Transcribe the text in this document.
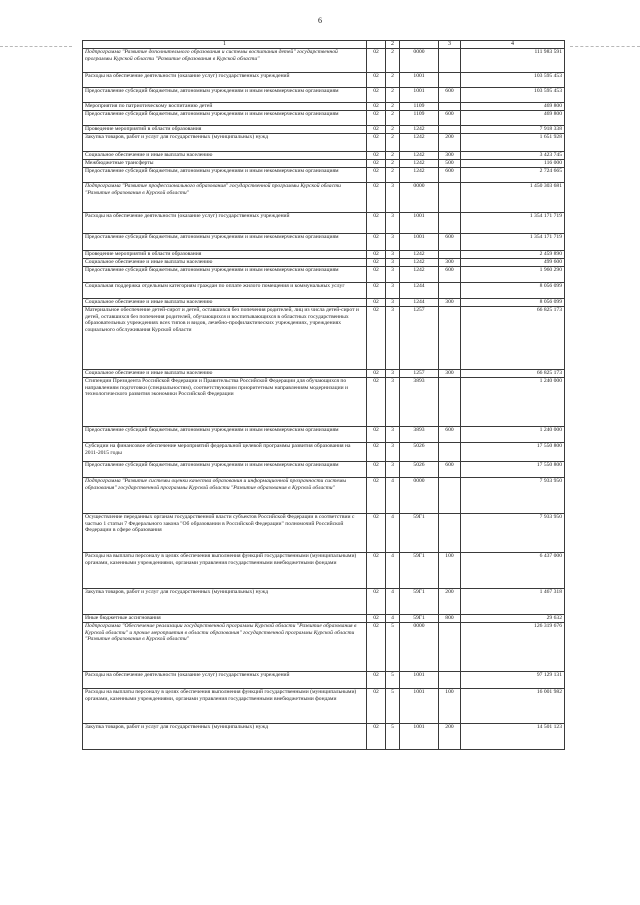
6
1		2		3	4
Подпрограмма "Развитие дополнительного образования и системы воспитания детей" государственной программы Курской области "Развитие образования в Курской области"	02	2	0000		111 983 591
Расходы на обеспечение деятельности (оказание услуг) государственных учреждений	02	2	1001		103 595 453
Предоставление субсидий бюджетным, автономным учреждениям и иным некоммерческим организациям	02	2	1001	600	103 595 453
Мероприятия по патриотическому воспитанию детей	02	2	1109		469 800
Предоставление субсидий бюджетным, автономным учреждениям и иным некоммерческим организациям	02	2	1109	600	469 800
Проведение мероприятий в области образования	02	2	1242		7 918 338
Закупка товаров, работ и услуг для государственных (муниципальных) нужд	02	2	1242	200	1 651 928
Социальное обеспечение и иные выплаты населению	02	2	1242	300	3 423 745
Межбюджетные трансферты	02	2	1242	500	116 000
Предоставление субсидий бюджетным, автономным учреждениям и иным некоммерческим организациям	02	2	1242	600	2 724 665
Подпрограмма "Развитие профессионального образования" государственной программы Курской области "Развитие образования в Курской области"	02	3	0000		1 450 303 681
Расходы на обеспечение деятельности (оказание услуг) государственных учреждений	02	3	1001		1 354 171 719
Предоставление субсидий бюджетным, автономным учреждениям и иным некоммерческим организациям	02	3	1001	600	1 354 171 719
Проведение мероприятий в области образования	02	3	1242		2 459 890
Социальное обеспечение и иные выплаты населению	02	3	1242	300	499 600
Предоставление субсидий бюджетным, автономным учреждениям и иным некоммерческим организациям	02	3	1242	600	1 960 290
Социальная поддержка отдельным категориям граждан по оплате жилого помещения и коммунальных услуг	02	3	1244		8 056 099
Социальное обеспечение и иные выплаты населению	02	3	1244	300	8 056 099
Материальное обеспечение детей-сирот и детей, оставшихся без попечения родителей, лиц из числа детей-сирот и детей, оставшихся без попечения родителей, обучающихся и воспитывающихся в областных государственных образовательных учреждениях всех типов и видов, лечебно-профилактических учреждениях, учреждениях социального обслуживания Курской области	02	3	1257		66 825 173
Социальное обеспечение и иные выплаты населению	02	3	1257	300	66 825 173
Стипендии Президента Российской Федерации и Правительства Российской Федерации для обучающихся по направлениям подготовки (специальностям), соответствующим приоритетным направлениям модернизации и технологического развития экономики Российской Федерации	02	3	3893		1 240 000
Предоставление субсидий бюджетным, автономным учреждениям и иным некоммерческим организациям	02	3	3893	600	1 240 000
Субсидии на финансовое обеспечение мероприятий федеральной целевой программы развития образования на 2011-2015 годы	02	3	5026		17 550 800
Предоставление субсидий бюджетным, автономным учреждениям и иным некоммерческим организациям	02	3	5026	600	17 550 800
Подпрограмма "Развитие системы оценки качества образования и информационной прозрачности системы образования" государственной программы Курской области "Развитие образования в Курской области"	02	4	0000		7 933 950
Осуществление переданных органам государственной власти субъектов Российской Федерации в соответствии с частью 1 статьи 7 Федерального закона "Об образовании в Российской Федерации" полномочий Российской Федерации в сфере образования	02	4	59Г1		7 933 950
Расходы на выплаты персоналу в целях обеспечения выполнения функций государственными (муниципальными) органами, казенными учреждениями, органами управления государственными внебюджетными фондами	02	4	59Г1	100	6 437 000
Закупка товаров, работ и услуг для государственных (муниципальных) нужд	02	4	59Г1	200	1 467 318
Иные бюджетные ассигнования	02	4	59Г1	800	29 632
Подпрограмма "Обеспечение реализации государственной программы Курской области "Развитие образования в Курской области" и прочие мероприятия в области образования" государственной программы Курской области "Развитие образования в Курской области"	02	5	0000		126 319 676
Расходы на обеспечение деятельности (оказание услуг) государственных учреждений	02	5	1001		97 129 131
Расходы на выплаты персоналу в целях обеспечения выполнения функций государственными (муниципальными) органами, казенными учреждениями, органами управления государственными внебюджетными фондами	02	5	1001	100	16 001 982
Закупка товаров, работ и услуг для государственных (муниципальных) нужд	02	5	1001	200	14 501 123
